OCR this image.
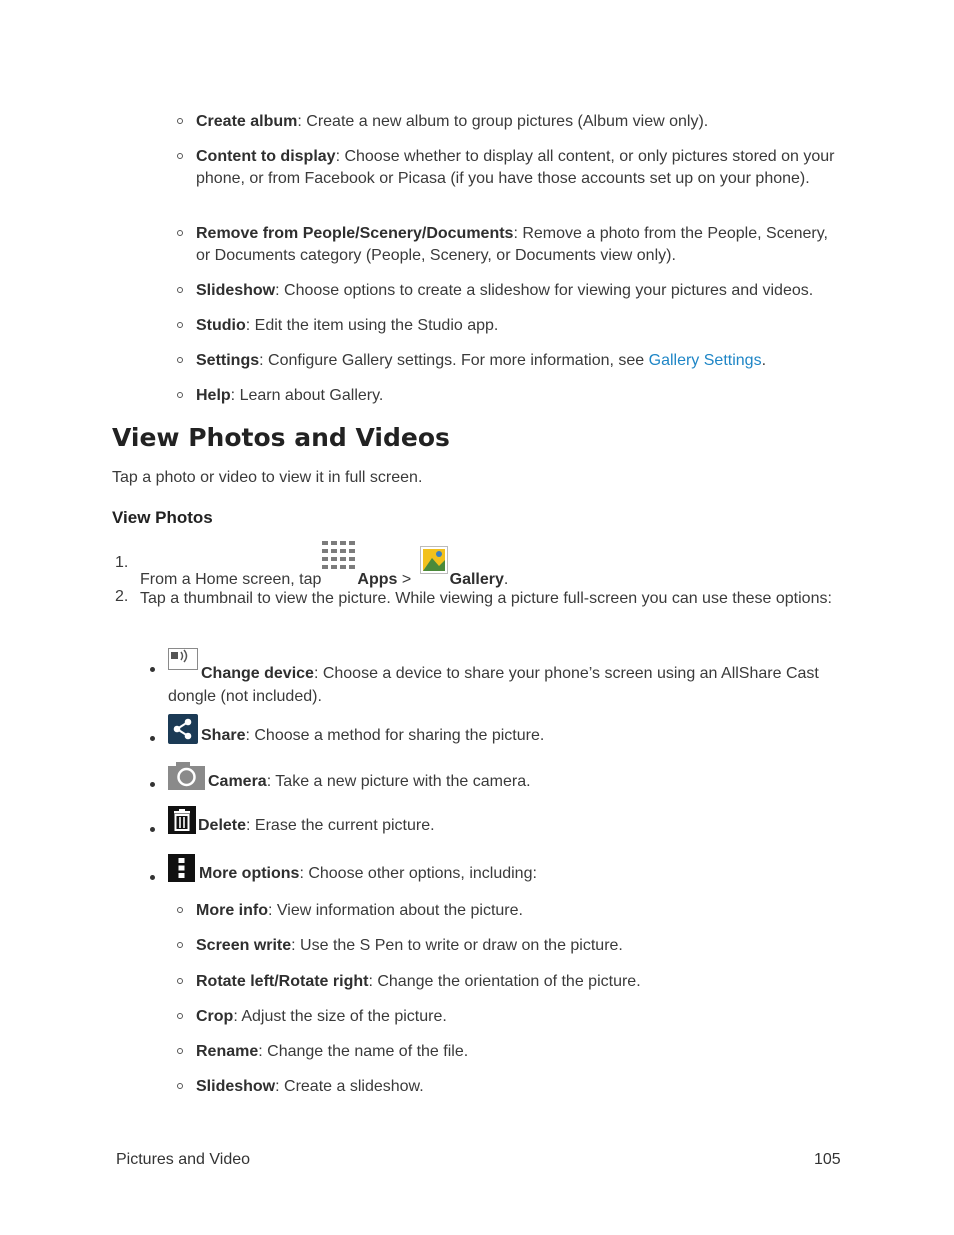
Create album: Create a new album to group pictures (Album view only).
Content to display: Choose whether to display all content, or only pictures stored on your phone, or from Facebook or Picasa (if you have those accounts set up on your phone).
Remove from People/Scenery/Documents: Remove a photo from the People, Scenery, or Documents category (People, Scenery, or Documents view only).
Slideshow: Choose options to create a slideshow for viewing your pictures and videos.
Studio: Edit the item using the Studio app.
Settings: Configure Gallery settings. For more information, see Gallery Settings.
Help: Learn about Gallery.
View Photos and Videos
Tap a photo or video to view it in full screen.
View Photos
1.
From a Home screen, tap Apps > Gallery.
2. Tap a thumbnail to view the picture. While viewing a picture full-screen you can use these options:
Change device: Choose a device to share your phone’s screen using an AllShare Cast dongle (not included).
Share: Choose a method for sharing the picture.
Camera: Take a new picture with the camera.
Delete: Erase the current picture.
More options: Choose other options, including:
More info: View information about the picture.
Screen write: Use the S Pen to write or draw on the picture.
Rotate left/Rotate right: Change the orientation of the picture.
Crop: Adjust the size of the picture.
Rename: Change the name of the file.
Slideshow: Create a slideshow.
Pictures and Video	105
